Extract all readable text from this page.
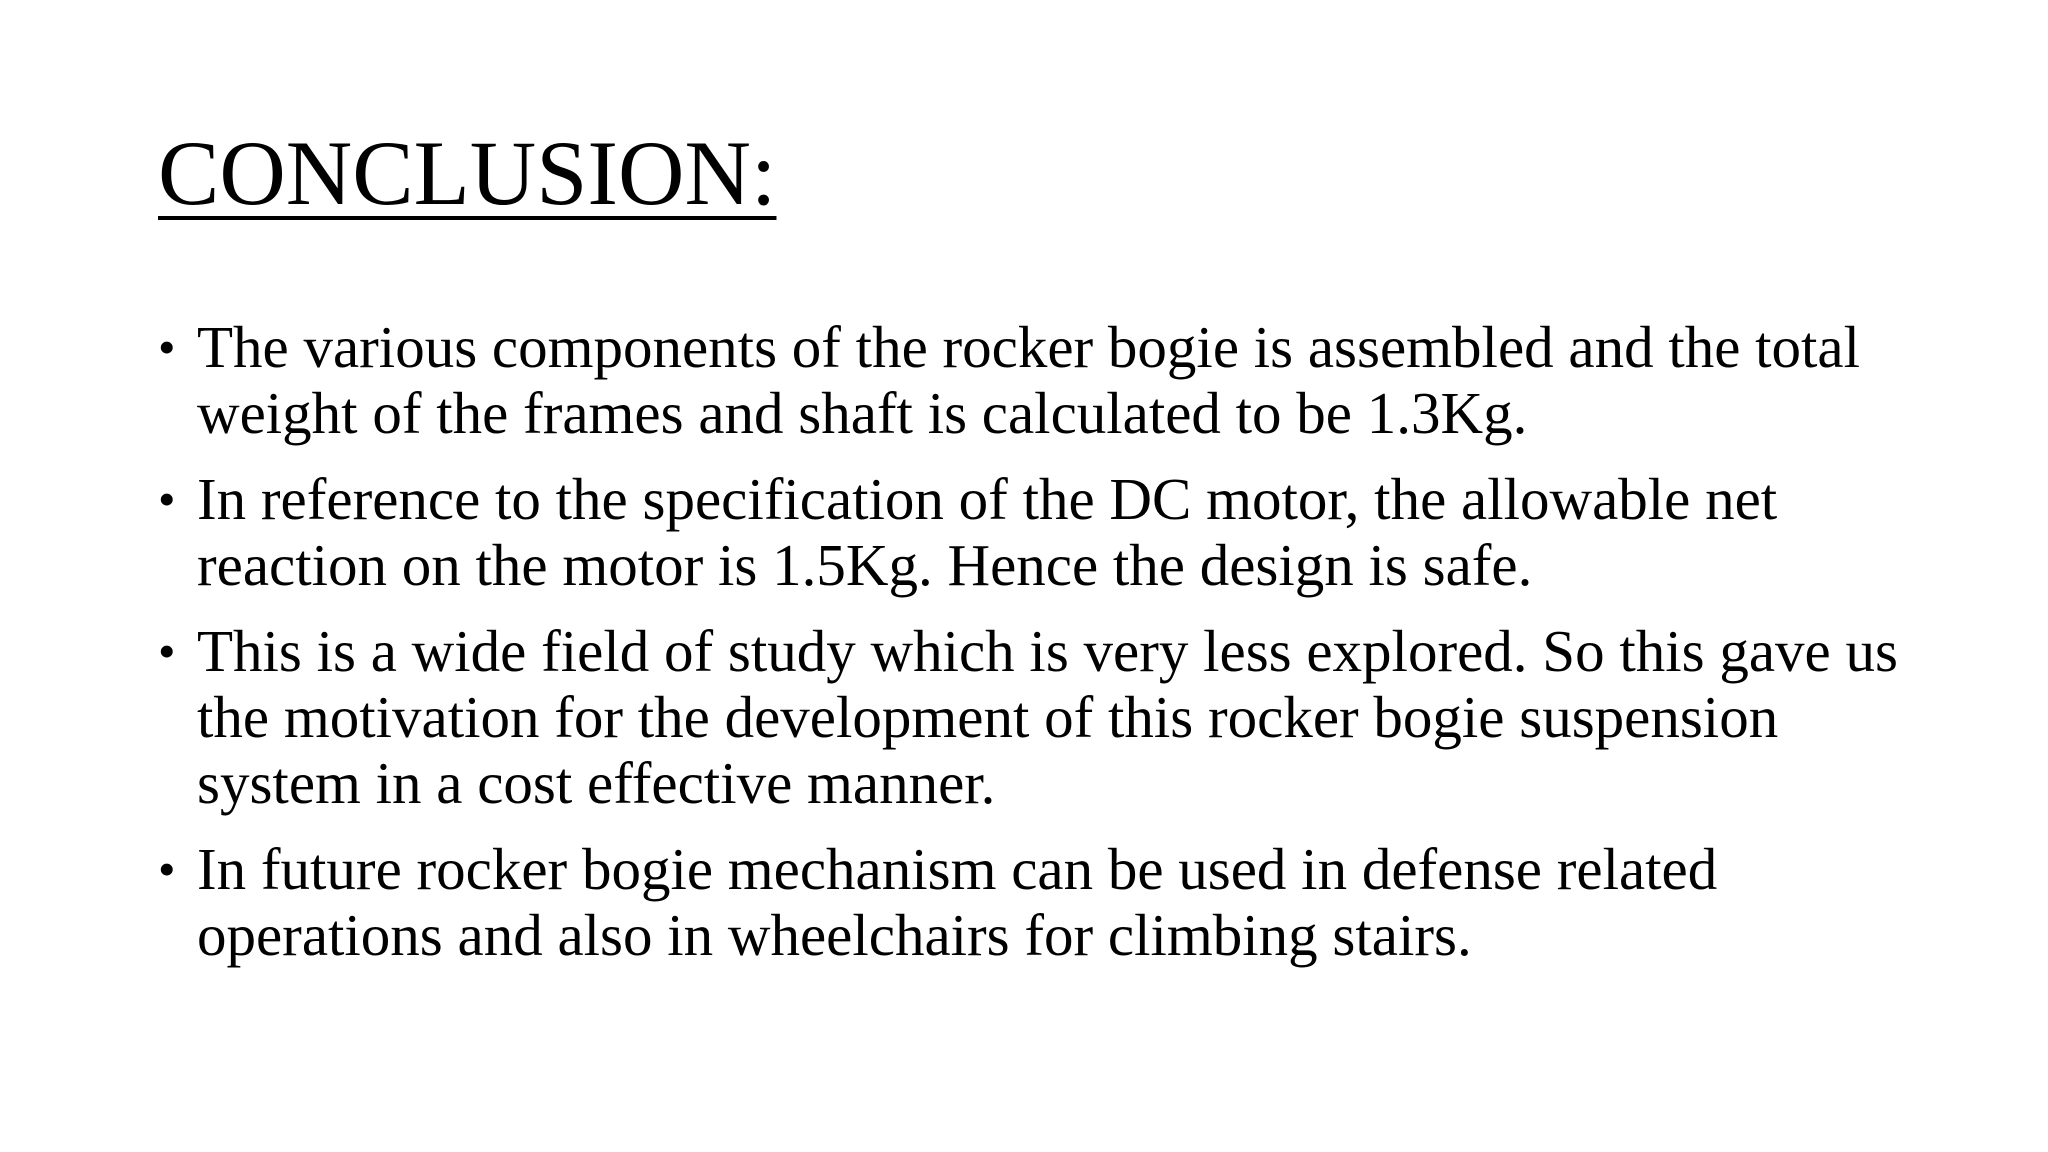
CONCLUSION:
• The various components of the rocker bogie is assembled and the total weight of the frames and shaft is calculated to be 1.3Kg.
• In reference to the specification of the DC motor, the allowable net reaction on the motor is 1.5Kg. Hence the design is safe.
• This is a wide field of study which is very less explored. So this gave us the motivation for the development of this rocker bogie suspension system in a cost effective manner.
• In future rocker bogie mechanism can be used in defense related operations and also in wheelchairs for climbing stairs.
